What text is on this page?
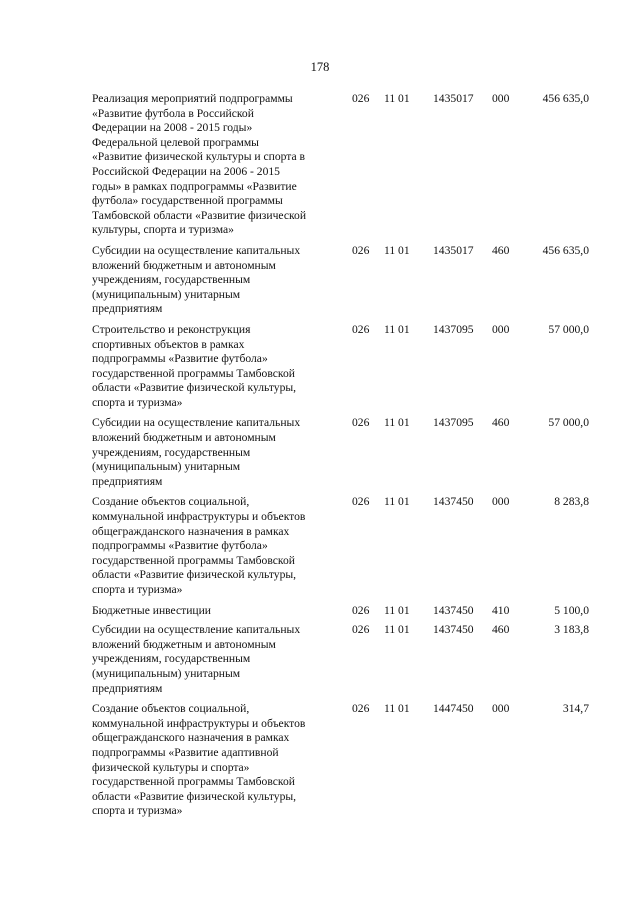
178
Реализация мероприятий подпрограммы
«Развитие футбола в Российской
Федерации на 2008 - 2015 годы»
Федеральной целевой программы
«Развитие физической культуры и спорта в
Российской Федерации на 2006 - 2015
годы» в рамках подпрограммы «Развитие
футбола» государственной программы
Тамбовской области «Развитие физической
культуры, спорта и туризма»
026 11 01 1435017 000	456 635,0
Субсидии на осуществление капитальных
вложений бюджетным и автономным
учреждениям, государственным
(муниципальным) унитарным
предприятиям
026 11 01 1435017 460	456 635,0
Строительство и реконструкция
спортивных объектов в рамках
подпрограммы «Развитие футбола»
государственной программы Тамбовской
области «Развитие физической культуры,
спорта и туризма»
026 11 01 1437095 000	57 000,0
Субсидии на осуществление капитальных
вложений бюджетным и автономным
учреждениям, государственным
(муниципальным) унитарным
предприятиям
026 11 01 1437095 460	57 000,0
Создание объектов социальной,
коммунальной инфраструктуры и объектов
общегражданского назначения в рамках
подпрограммы «Развитие футбола»
государственной программы Тамбовской
области «Развитие физической культуры,
спорта и туризма»
026 11 01 1437450 000	8 283,8
Бюджетные инвестиции	026 11 01 1437450 410	5 100,0
Субсидии на осуществление капитальных
вложений бюджетным и автономным
учреждениям, государственным
(муниципальным) унитарным
предприятиям
026 11 01 1437450 460	3 183,8
Создание объектов социальной,
коммунальной инфраструктуры и объектов
общегражданского назначения в рамках
подпрограммы «Развитие адаптивной
физической культуры и спорта»
государственной программы Тамбовской
области «Развитие физической культуры,
спорта и туризма»
026 11 01 1447450 000	314,7
